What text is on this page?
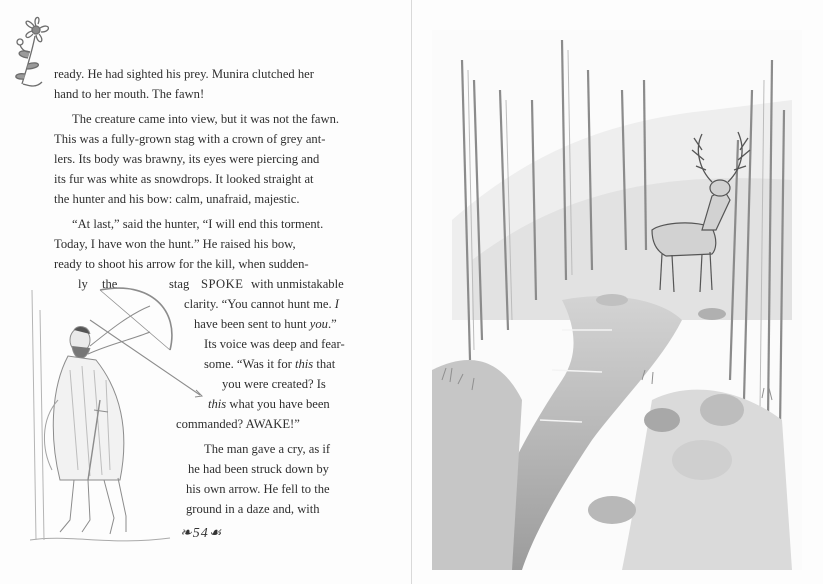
ready. He had sighted his prey. Munira clutched her
hand to her mouth. The fawn!
The creature came into view, but it was not the fawn.
This was a fully-grown stag with a crown of grey ant-
lers. Its body was brawny, its eyes were piercing and
its fur was white as snowdrops. It looked straight at
the hunter and his bow: calm, unafraid, majestic.
“At last,” said the hunter, “I will end this torment.
Today, I have won the hunt.” He raised his bow,
ready to shoot his arrow for the kill, when sudden-
ly the	stag SPOKE with unmistakable
clarity. “You cannot hunt me. I
have been sent to hunt you.”
Its voice was deep and fear-
some. “Was it for this that
you were created? Is
this what you have been
commanded? AWAKE!”
The man gave a cry, as if
he had been struck down by
his own arrow. He fell to the
ground in a daze and, with
❧54☙
